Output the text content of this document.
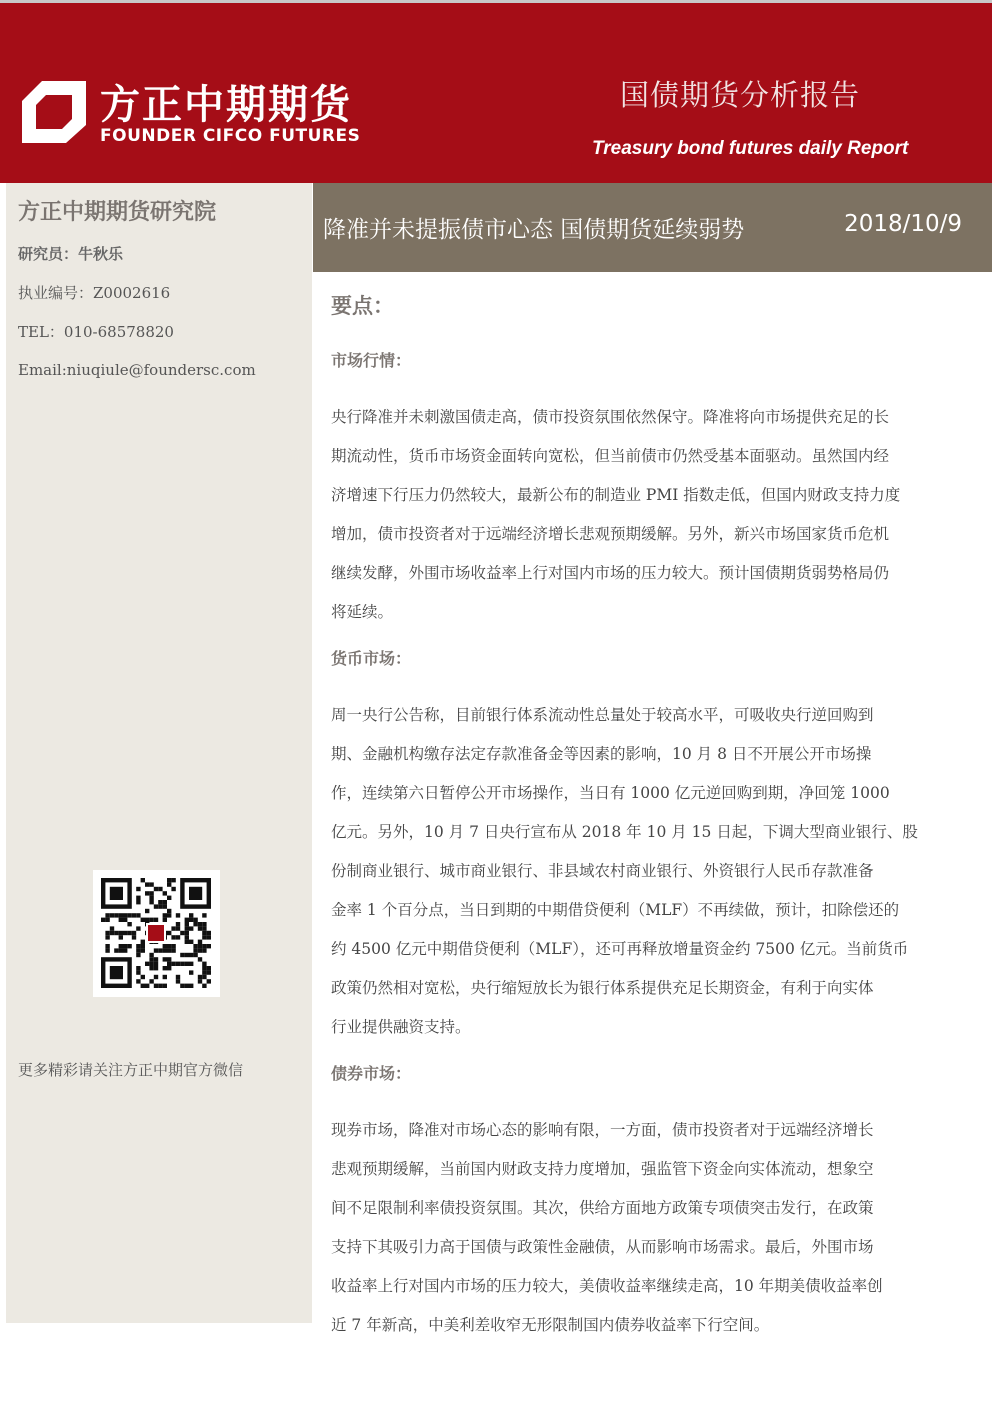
方正中期期货
FOUNDER CIFCO FUTURES
国债期货分析报告
Treasury bond futures daily Report
方正中期期货研究院
研究员：牛秋乐
执业编号：Z0002616
TEL：010-68578820
Email:niuqiule@foundersc.com
更多精彩请关注方正中期官方微信
降准并未提振债市心态 国债期货延续弱势	2018/10/9
要点：
市场行情：
央行降准并未刺激国债走高，债市投资氛围依然保守。降准将向市场提供充足的长
期流动性，货币市场资金面转向宽松，但当前债市仍然受基本面驱动。虽然国内经
济增速下行压力仍然较大，最新公布的制造业 PMI 指数走低，但国内财政支持力度
增加，债市投资者对于远端经济增长悲观预期缓解。另外，新兴市场国家货币危机
继续发酵，外围市场收益率上行对国内市场的压力较大。预计国债期货弱势格局仍
将延续。
货币市场：
周一央行公告称，目前银行体系流动性总量处于较高水平，可吸收央行逆回购到
期、金融机构缴存法定存款准备金等因素的影响，10 月 8 日不开展公开市场操
作，连续第六日暂停公开市场操作，当日有 1000 亿元逆回购到期，净回笼 1000
亿元。另外，10 月 7 日央行宣布从 2018 年 10 月 15 日起，下调大型商业银行、股
份制商业银行、城市商业银行、非县域农村商业银行、外资银行人民币存款准备
金率 1 个百分点，当日到期的中期借贷便利（MLF）不再续做，预计，扣除偿还的
约 4500 亿元中期借贷便利（MLF），还可再释放增量资金约 7500 亿元。当前货币
政策仍然相对宽松，央行缩短放长为银行体系提供充足长期资金，有利于向实体
行业提供融资支持。
债券市场：
现券市场，降准对市场心态的影响有限，一方面，债市投资者对于远端经济增长
悲观预期缓解，当前国内财政支持力度增加，强监管下资金向实体流动，想象空
间不足限制利率债投资氛围。其次，供给方面地方政策专项债突击发行，在政策
支持下其吸引力高于国债与政策性金融债，从而影响市场需求。最后，外围市场
收益率上行对国内市场的压力较大，美债收益率继续走高，10 年期美债收益率创
近 7 年新高，中美利差收窄无形限制国内债券收益率下行空间。
